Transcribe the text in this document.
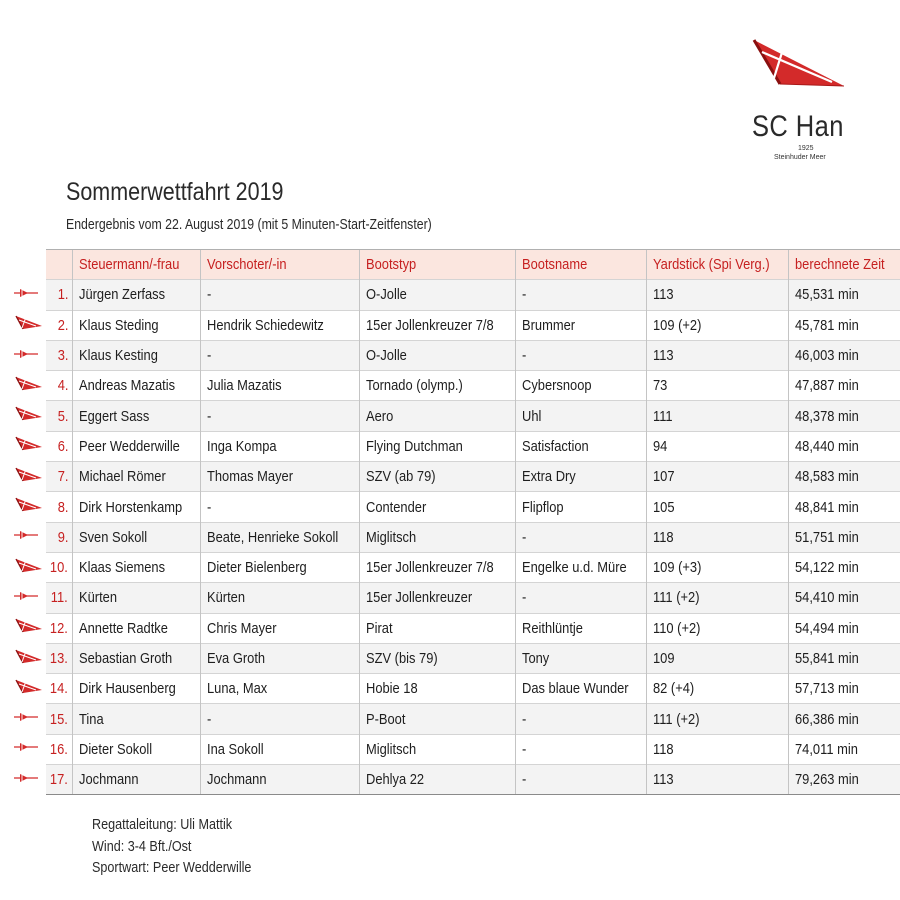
SC Han
1925
Steinhuder Meer
Sommerwettfahrt 2019
Endergebnis vom 22. August 2019 (mit 5 Minuten-Start-Zeitfenster)
		Steuermann/-frau	Vorschoter/-in	Bootstyp	Bootsname	Yardstick (Spi Verg.)	berechnete Zeit
	1.	Jürgen Zerfass	-	O-Jolle	-	113	45,531 min
	2.	Klaus Steding	Hendrik Schiedewitz	15er Jollenkreuzer 7/8	Brummer	109 (+2)	45,781 min
	3.	Klaus Kesting	-	O-Jolle	-	113	46,003 min
	4.	Andreas Mazatis	Julia Mazatis	Tornado (olymp.)	Cybersnoop	73	47,887 min
	5.	Eggert Sass	-	Aero	Uhl	111	48,378 min
	6.	Peer Wedderwille	Inga Kompa	Flying Dutchman	Satisfaction	94	48,440 min
	7.	Michael Römer	Thomas Mayer	SZV (ab 79)	Extra Dry	107	48,583 min
	8.	Dirk Horstenkamp	-	Contender	Flipflop	105	48,841 min
	9.	Sven Sokoll	Beate, Henrieke Sokoll	Miglitsch	-	118	51,751 min
	10.	Klaas Siemens	Dieter Bielenberg	15er Jollenkreuzer 7/8	Engelke u.d. Müre	109 (+3)	54,122 min
	11.	Kürten	Kürten	15er Jollenkreuzer	-	111 (+2)	54,410 min
	12.	Annette Radtke	Chris Mayer	Pirat	Reithlüntje	110 (+2)	54,494 min
	13.	Sebastian Groth	Eva Groth	SZV (bis 79)	Tony	109	55,841 min
	14.	Dirk Hausenberg	Luna, Max	Hobie 18	Das blaue Wunder	82 (+4)	57,713 min
	15.	Tina	-	P-Boot	-	111 (+2)	66,386 min
	16.	Dieter Sokoll	Ina Sokoll	Miglitsch	-	118	74,011 min
	17.	Jochmann	Jochmann	Dehlya 22	-	113	79,263 min
Regattaleitung: Uli Mattik
Wind: 3-4 Bft./Ost
Sportwart: Peer Wedderwille
